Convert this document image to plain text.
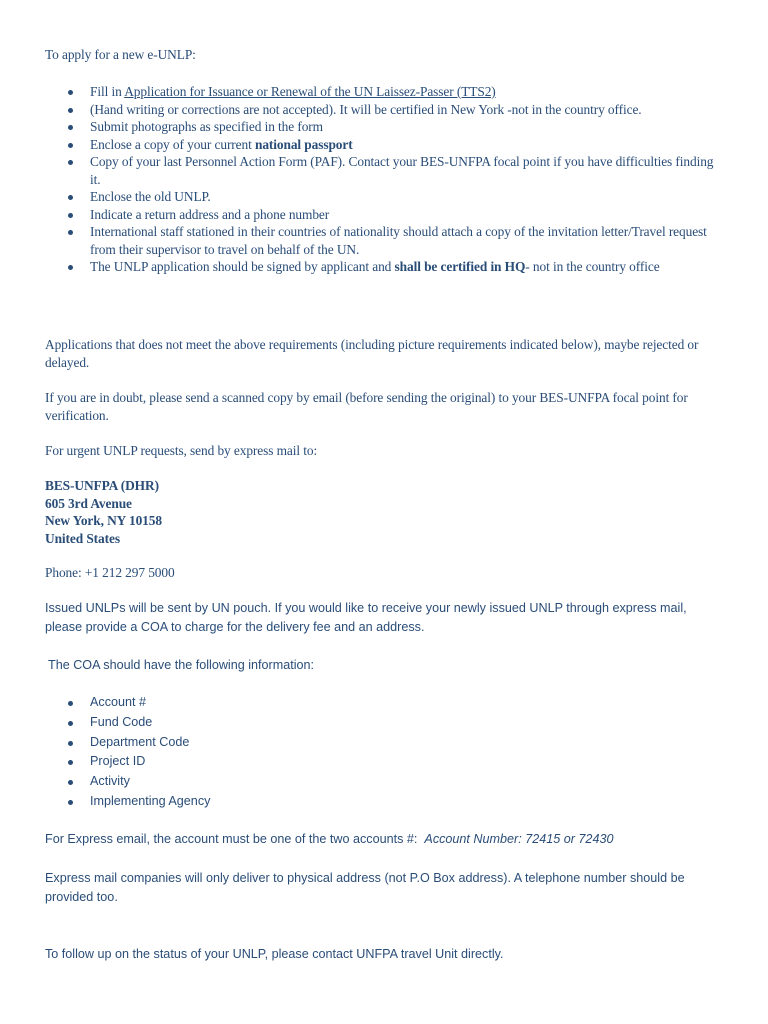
To apply for a new e-UNLP:

Fill in Application for Issuance or Renewal of the UN Laissez-Passer (TTS2)
(Hand writing or corrections are not accepted). It will be certified in New York -not in the country office.
Submit photographs as specified in the form
Enclose a copy of your current national passport
Copy of your last Personnel Action Form (PAF). Contact your BES-UNFPA focal point if you have difficulties finding it.
Enclose the old UNLP.
Indicate a return address and a phone number
International staff stationed in their countries of nationality should attach a copy of the invitation letter/Travel request from their supervisor to travel on behalf of the UN.
The UNLP application should be signed by applicant and shall be certified in HQ- not in the country office

Applications that does not meet the above requirements (including picture requirements indicated below), maybe rejected or delayed.

If you are in doubt, please send a scanned copy by email (before sending the original) to your BES-UNFPA focal point for verification.

For urgent UNLP requests, send by express mail to:

BES-UNFPA (DHR)
605 3rd Avenue
New York, NY 10158
United States

Phone: +1 212 297 5000

Issued UNLPs will be sent by UN pouch. If you would like to receive your newly issued UNLP through express mail, please provide a COA to charge for the delivery fee and an address.

The COA should have the following information:

Account #
Fund Code
Department Code
Project ID
Activity
Implementing Agency

For Express email, the account must be one of the two accounts #: Account Number: 72415 or 72430

Express mail companies will only deliver to physical address (not P.O Box address). A telephone number should be provided too.

To follow up on the status of your UNLP, please contact UNFPA travel Unit directly.
